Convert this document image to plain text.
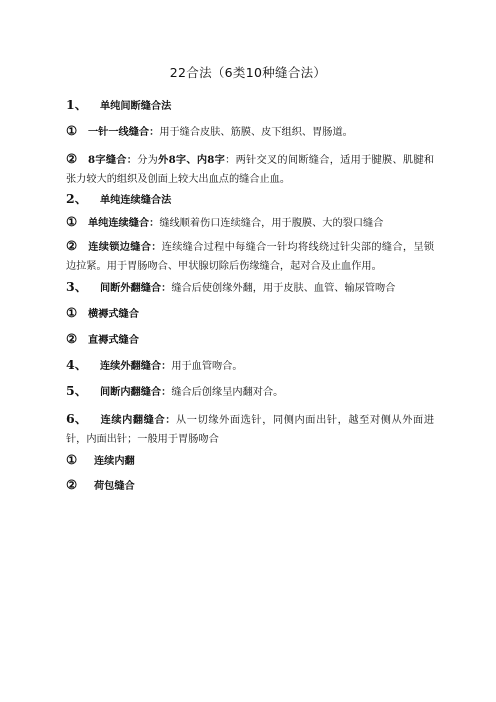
22合法（6类10种缝合法）
1、 单纯间断缝合法
① 一针一线缝合：用于缝合皮肤、筋膜、皮下组织、胃肠道。
② 8字缝合：分为外8字、内8字：两针交叉的间断缝合，适用于腱膜、肌腱和张力较大的组织及创面上较大出血点的缝合止血。
2、 单纯连续缝合法
① 单纯连续缝合：缝线顺着伤口连续缝合，用于腹膜、大的裂口缝合
② 连续锁边缝合：连续缝合过程中每缝合一针均将线绕过针尖部的缝合，呈锁边拉紧。用于胃肠吻合、甲状腺切除后伤缘缝合，起对合及止血作用。
3、 间断外翻缝合：缝合后使创缘外翻，用于皮肤、血管、输尿管吻合
① 横褥式缝合
② 直褥式缝合
4、 连续外翻缝合：用于血管吻合。
5、 间断内翻缝合：缝合后创缘呈内翻对合。
6、 连续内翻缝合：从一切缘外面选针，同侧内面出针，越至对侧从外面进针，内面出针；一般用于胃肠吻合
① 连续内翻
② 荷包缝合
